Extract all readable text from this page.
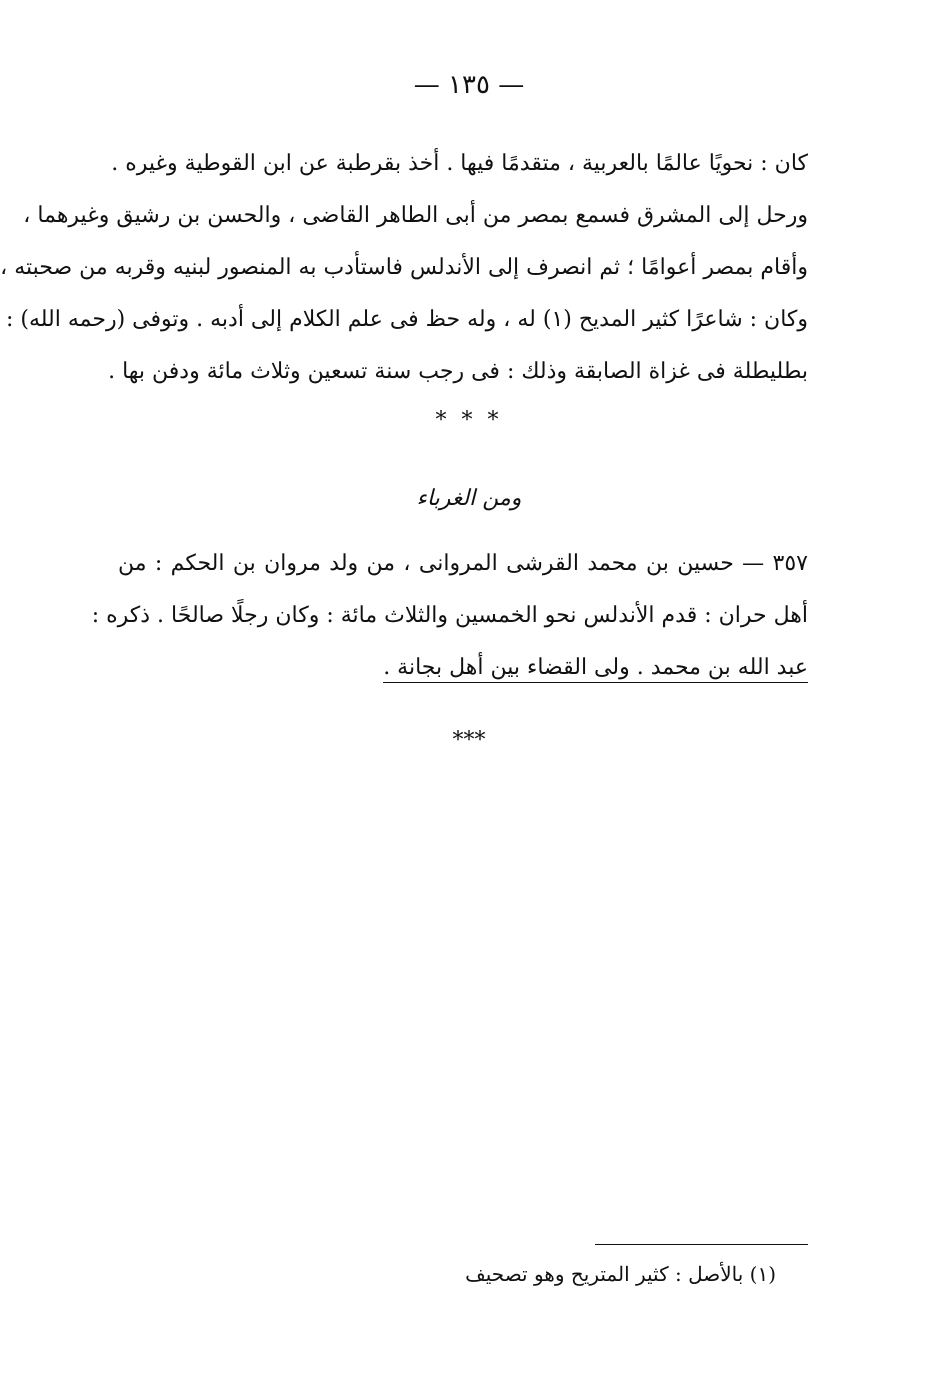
— ١٣٥ —
كان : نحويًا عالمًا بالعربية ، متقدمًا فيها . أخذ بقرطبة عن ابن القوطية وغيره .
ورحل إلى المشرق فسمع بمصر من أبى الطاهر القاضى ، والحسن بن رشيق وغيرهما ،
وأقام بمصر أعوامًا ؛ ثم انصرف إلى الأندلس فاستأدب به المنصور لبنيه وقربه من صحبته ،
وكان : شاعرًا كثير المديح (١) له ، وله حظ فى علم الكلام إلى أدبه . وتوفى (رحمه الله) :
بطليطلة فى غزاة الصابقة وذلك : فى رجب سنة تسعين وثلاث مائة ودفن بها .
* * *
ومن الغرباء
٣٥٧ — حسين بن محمد القرشى المروانى ، من ولد مروان بن الحكم : من
أهل حران : قدم الأندلس نحو الخمسين والثلاث مائة : وكان رجلًا صالحًا . ذكره :
عبد الله بن محمد . ولى القضاء بين أهل بجانة .
***
(١) بالأصل : كثير المتريح وهو تصحيف
